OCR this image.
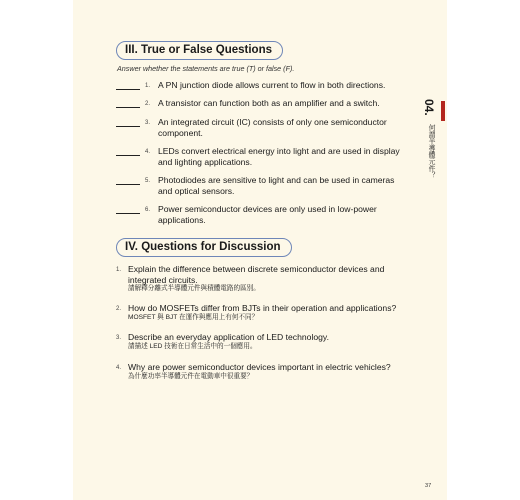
III. True or False Questions
Answer whether the statements are true (T) or false (F).
1. A PN junction diode allows current to flow in both directions.
2. A transistor can function both as an amplifier and a switch.
3. An integrated circuit (IC) consists of only one semiconductor component.
4. LEDs convert electrical energy into light and are used in display and lighting applications.
5. Photodiodes are sensitive to light and can be used in cameras and optical sensors.
6. Power semiconductor devices are only used in low-power applications.
IV. Questions for Discussion
1. Explain the difference between discrete semiconductor devices and integrated circuits.
請解釋分離式半導體元件與積體電路的區別。
2. How do MOSFETs differ from BJTs in their operation and applications?
MOSFET 與 BJT 在運作與應用上有何不同？
3. Describe an everyday application of LED technology.
請描述 LED 技術在日常生活中的一個應用。
4. Why are power semiconductor devices important in electric vehicles?
為什麼功率半導體元件在電動車中很重要？
04.
何謂半導體元件？
37
